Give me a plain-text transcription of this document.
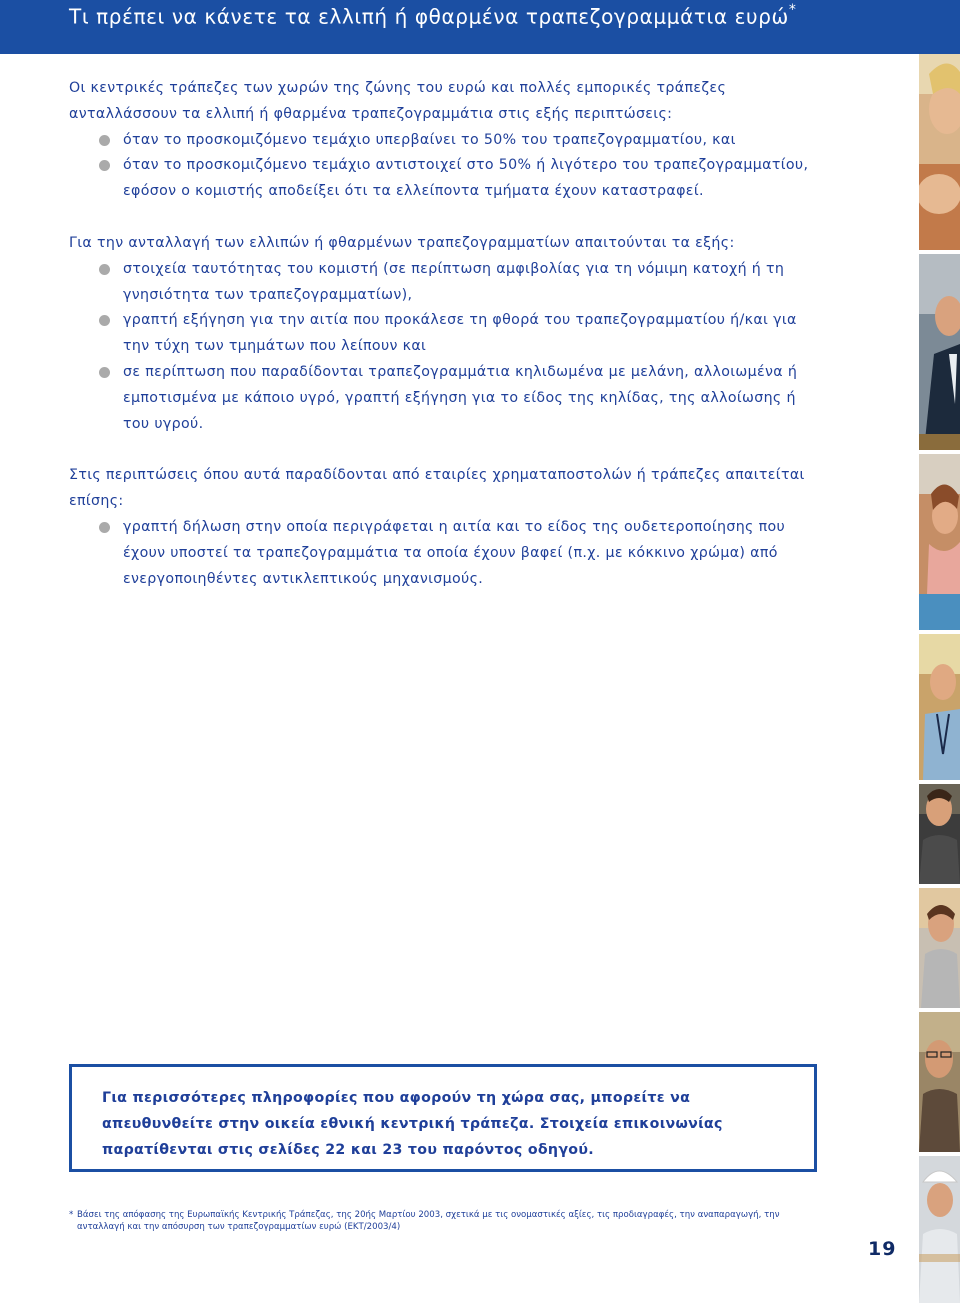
Τι πρέπει να κάνετε τα ελλιπή ή φθαρμένα τραπεζογραμμάτια ευρώ*

Οι κεντρικές τράπεζες των χωρών της ζώνης του ευρώ και πολλές εμπορικές τράπεζες ανταλλάσσουν τα ελλιπή ή φθαρμένα τραπεζογραμμάτια στις εξής περιπτώσεις:

όταν το προσκομιζόμενο τεμάχιο υπερβαίνει το 50% του τραπεζογραμματίου, και
όταν το προσκομιζόμενο τεμάχιο αντιστοιχεί στο 50% ή λιγότερο του τραπεζογραμματίου,

εφόσον ο κομιστής αποδείξει ότι τα ελλείποντα τμήματα έχουν καταστραφεί.

Για την ανταλλαγή των ελλιπών ή φθαρμένων τραπεζογραμματίων απαιτούνται τα εξής:

στοιχεία ταυτότητας του κομιστή (σε περίπτωση αμφιβολίας για τη νόμιμη κατοχή ή τη γνησιότητα των τραπεζογραμματίων),
γραπτή εξήγηση για την αιτία που προκάλεσε τη φθορά του τραπεζογραμματίου ή/και για την τύχη των τμημάτων που λείπουν και
σε περίπτωση που παραδίδονται τραπεζογραμμάτια κηλιδωμένα με μελάνη, αλλοιωμένα ή εμποτισμένα με κάποιο υγρό, γραπτή εξήγηση για το είδος της κηλίδας, της αλλοίωσης ή του υγρού.

Στις περιπτώσεις όπου αυτά παραδίδονται από εταιρίες χρηματαποστολών ή τράπεζες απαιτείται επίσης:

γραπτή δήλωση στην οποία περιγράφεται η αιτία και το είδος της ουδετεροποίησης που έχουν υποστεί τα τραπεζογραμμάτια τα οποία έχουν βαφεί (π.χ. με κόκκινο χρώμα) από ενεργοποιηθέντες αντικλεπτικούς μηχανισμούς.

Για περισσότερες πληροφορίες που αφορούν τη χώρα σας, μπορείτε να απευθυνθείτε στην οικεία εθνική κεντρική τράπεζα. Στοιχεία επικοινωνίας παρατίθενται στις σελίδες 22 και 23 του παρόντος οδηγού.

* Βάσει της απόφασης της Ευρωπαϊκής Κεντρικής Τράπεζας, της 20ής Μαρτίου 2003, σχετικά με τις ονομαστικές αξίες, τις προδιαγραφές, την αναπαραγωγή, την ανταλλαγή και την απόσυρση των τραπεζογραμματίων ευρώ (ΕΚΤ/2003/4)
19
